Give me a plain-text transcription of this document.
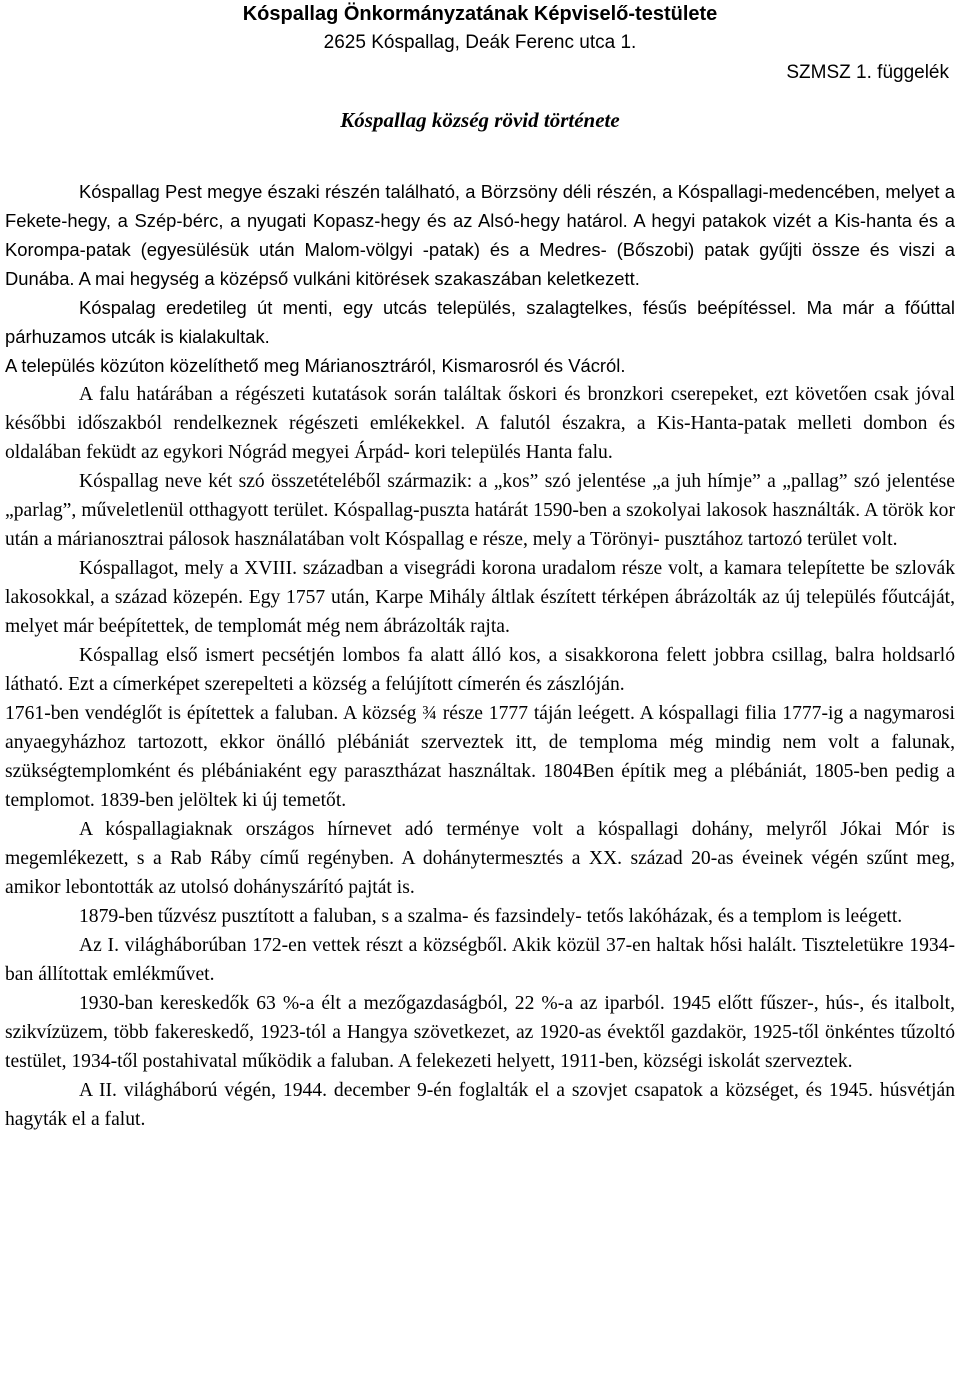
Kóspallag Önkormányzatának Képviselő-testülete
2625 Kóspallag, Deák Ferenc utca 1.
SZMSZ 1. függelék
Kóspallag község rövid története

Kóspallag Pest megye északi részén található, a Börzsöny déli részén, a Kóspallagi-medencében, melyet a Fekete-hegy, a Szép-bérc, a nyugati Kopasz-hegy és az Alsó-hegy határol. A hegyi patakok vizét a Kis-hanta és a Korompa-patak (egyesülésük után Malom-völgyi -patak) és a Medres- (Bőszobi) patak gyűjti össze és viszi a Dunába. A mai hegység a középső vulkáni kitörések szakaszában keletkezett.

Kóspalag eredetileg út menti, egy utcás település, szalagtelkes, fésűs beépítéssel. Ma már a főúttal párhuzamos utcák is kialakultak.

A település közúton közelíthető meg Márianosztráról, Kismarosról és Vácról.

A falu határában a régészeti kutatások során találtak őskori és bronzkori cserepeket, ezt követően csak jóval későbbi időszakból rendelkeznek régészeti emlékekkel. A falutól északra, a Kis-Hanta-patak melleti dombon és oldalában feküdt az egykori Nógrád megyei Árpád- kori település Hanta falu.

Kóspallag neve két szó összetételéből származik: a „kos” szó jelentése „a juh hímje” a „pallag” szó jelentése „parlag”, műveletlenül otthagyott terület. Kóspallag-puszta határát 1590-ben a szokolyai lakosok használták. A török kor után a márianosztrai pálosok használatában volt Kóspallag e része, mely a Törönyi- pusztához tartozó terület volt.

Kóspallagot, mely a XVIII. században a visegrádi korona uradalom része volt, a kamara telepítette be szlovák lakosokkal, a század közepén. Egy 1757 után, Karpe Mihály áltlak észített térképen ábrázolták az új település főutcáját, melyet már beépítettek, de templomát még nem ábrázolták rajta.

Kóspallag első ismert pecsétjén lombos fa alatt álló kos, a sisakkorona felett jobbra csillag, balra holdsarló látható. Ezt a címerképet szerepelteti a község a felújított címerén és zászlóján.

1761-ben vendéglőt is építettek a faluban. A község ¾ része 1777 táján leégett. A kóspallagi filia 1777-ig a nagymarosi anyaegyházhoz tartozott, ekkor önálló plébániát szerveztek itt, de temploma még mindig nem volt a falunak, szükségtemplomként és plébániaként egy parasztházat használtak. 1804Ben építik meg a plébániát, 1805-ben pedig a templomot. 1839-ben jelöltek ki új temetőt.

A kóspallagiaknak országos hírnevet adó terménye volt a kóspallagi dohány, melyről Jókai Mór is megemlékezett, s a Rab Ráby című regényben. A dohánytermesztés a XX. század 20-as éveinek végén szűnt meg, amikor lebontották az utolsó dohányszárító pajtát is.

1879-ben tűzvész pusztított a faluban, s a szalma- és fazsindely- tetős lakóházak, és a templom is leégett.

Az I. világháborúban 172-en vettek részt a községből. Akik közül 37-en haltak hősi halált. Tiszteletükre 1934-ban állítottak emlékművet.

1930-ban kereskedők 63 %-a élt a mezőgazdaságból, 22 %-a az iparból. 1945 előtt fűszer-, hús-, és italbolt, szikvízüzem, több fakereskedő, 1923-tól a Hangya szövetkezet, az 1920-as évektől gazdakör, 1925-től önkéntes tűzoltó testület, 1934-től postahivatal működik a faluban. A felekezeti helyett, 1911-ben, községi iskolát szerveztek.

A II. világháború végén, 1944. december 9-én foglalták el a szovjet csapatok a községet, és 1945. húsvétján hagyták el a falut.
